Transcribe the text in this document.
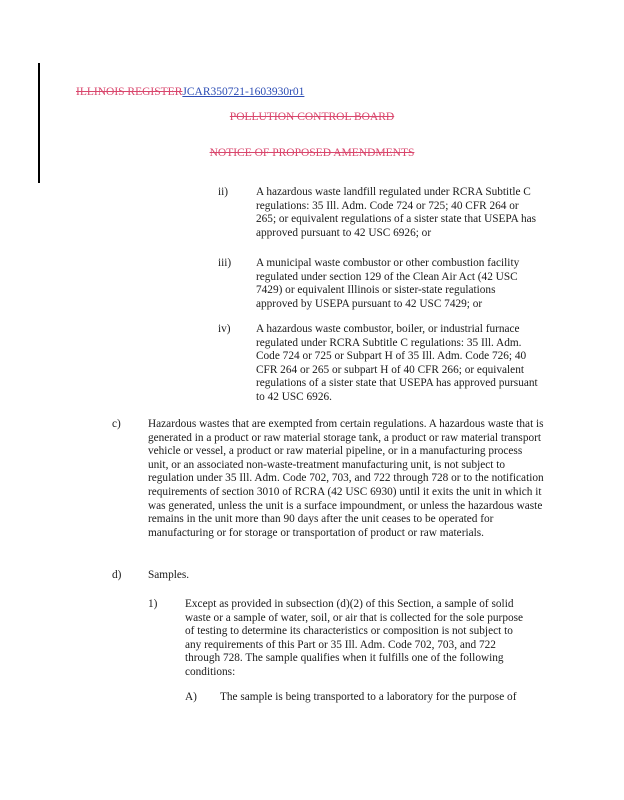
ILLINOIS REGISTERJCAR350721-1603930r01
POLLUTION CONTROL BOARD
NOTICE OF PROPOSED AMENDMENTS
ii) A hazardous waste landfill regulated under RCRA Subtitle C regulations: 35 Ill. Adm. Code 724 or 725; 40 CFR 264 or 265; or equivalent regulations of a sister state that USEPA has approved pursuant to 42 USC 6926; or
iii) A municipal waste combustor or other combustion facility regulated under section 129 of the Clean Air Act (42 USC 7429) or equivalent Illinois or sister-state regulations approved by USEPA pursuant to 42 USC 7429; or
iv) A hazardous waste combustor, boiler, or industrial furnace regulated under RCRA Subtitle C regulations: 35 Ill. Adm. Code 724 or 725 or Subpart H of 35 Ill. Adm. Code 726; 40 CFR 264 or 265 or subpart H of 40 CFR 266; or equivalent regulations of a sister state that USEPA has approved pursuant to 42 USC 6926.
c) Hazardous wastes that are exempted from certain regulations. A hazardous waste that is generated in a product or raw material storage tank, a product or raw material transport vehicle or vessel, a product or raw material pipeline, or in a manufacturing process unit, or an associated non-waste-treatment manufacturing unit, is not subject to regulation under 35 Ill. Adm. Code 702, 703, and 722 through 728 or to the notification requirements of section 3010 of RCRA (42 USC 6930) until it exits the unit in which it was generated, unless the unit is a surface impoundment, or unless the hazardous waste remains in the unit more than 90 days after the unit ceases to be operated for manufacturing or for storage or transportation of product or raw materials.
d) Samples.
1) Except as provided in subsection (d)(2) of this Section, a sample of solid waste or a sample of water, soil, or air that is collected for the sole purpose of testing to determine its characteristics or composition is not subject to any requirements of this Part or 35 Ill. Adm. Code 702, 703, and 722 through 728. The sample qualifies when it fulfills one of the following conditions:
A) The sample is being transported to a laboratory for the purpose of
